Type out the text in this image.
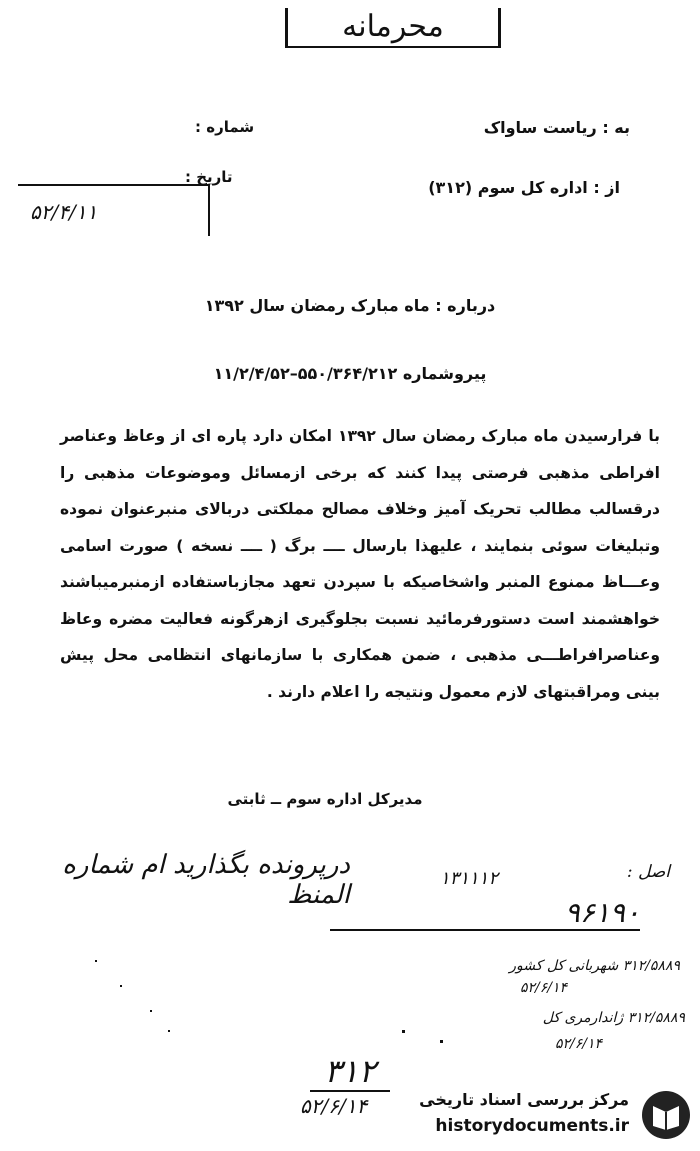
محرمانه
به : ریاست ساواک
شماره :
تاریخ :
از : اداره کل سوم (۳۱۲)
۵۲/۴/۱۱
درباره : ماه مبارک رمضان سال ۱۳۹۲
پیروشماره ۵۵۰/۳۶۴/۲۱۲–۱۱/۲/۴/۵۲
با فرارسیدن ماه مبارک رمضان سال ۱۳۹۲ امکان دارد پاره ای از وعاظ وعناصر افراطی مذهبی فرصتی پیدا کنند که برخی ازمسائل وموضوعات مذهبی را درقسالب مطالب تحریک آمیز وخلاف مصالح مملکتی دربالای منبرعنوان نموده وتبلیغات سوئی بنمایند ، علیهذا بارسال ــــ برگ ( ــــ نسخه ) صورت اسامی وعـــاظ ممنوع المنبر واشخاصیکه با سپردن تعهد مجازباستفاده ازمنبرمیباشند خواهشمند است دستورفرمائید نسبت بجلوگیری ازهرگونه فعالیت مضره وعاظ وعناصرافراطـــی مذهبی ، ضمن همکاری با سازمانهای انتظامی محل پیش بینی ومراقبتهای لازم معمول ونتیجه را اعلام دارند .
مدیرکل اداره سوم ــ ثابتی
درپرونده بگذارید ام شماره المنظ
اصل :
۱۳۱۱۱۲
۹۶۱۹۰
۳۱۲/۵۸۸۹ شهربانی کل کشور
۵۲/۶/۱۴
۳۱۲/۵۸۸۹ ژاندارمری کل
۵۲/۶/۱۴
۳۱۲
۵۲/۶/۱۴	مرکز بررسی اسناد تاریخی
historydocuments.ir
